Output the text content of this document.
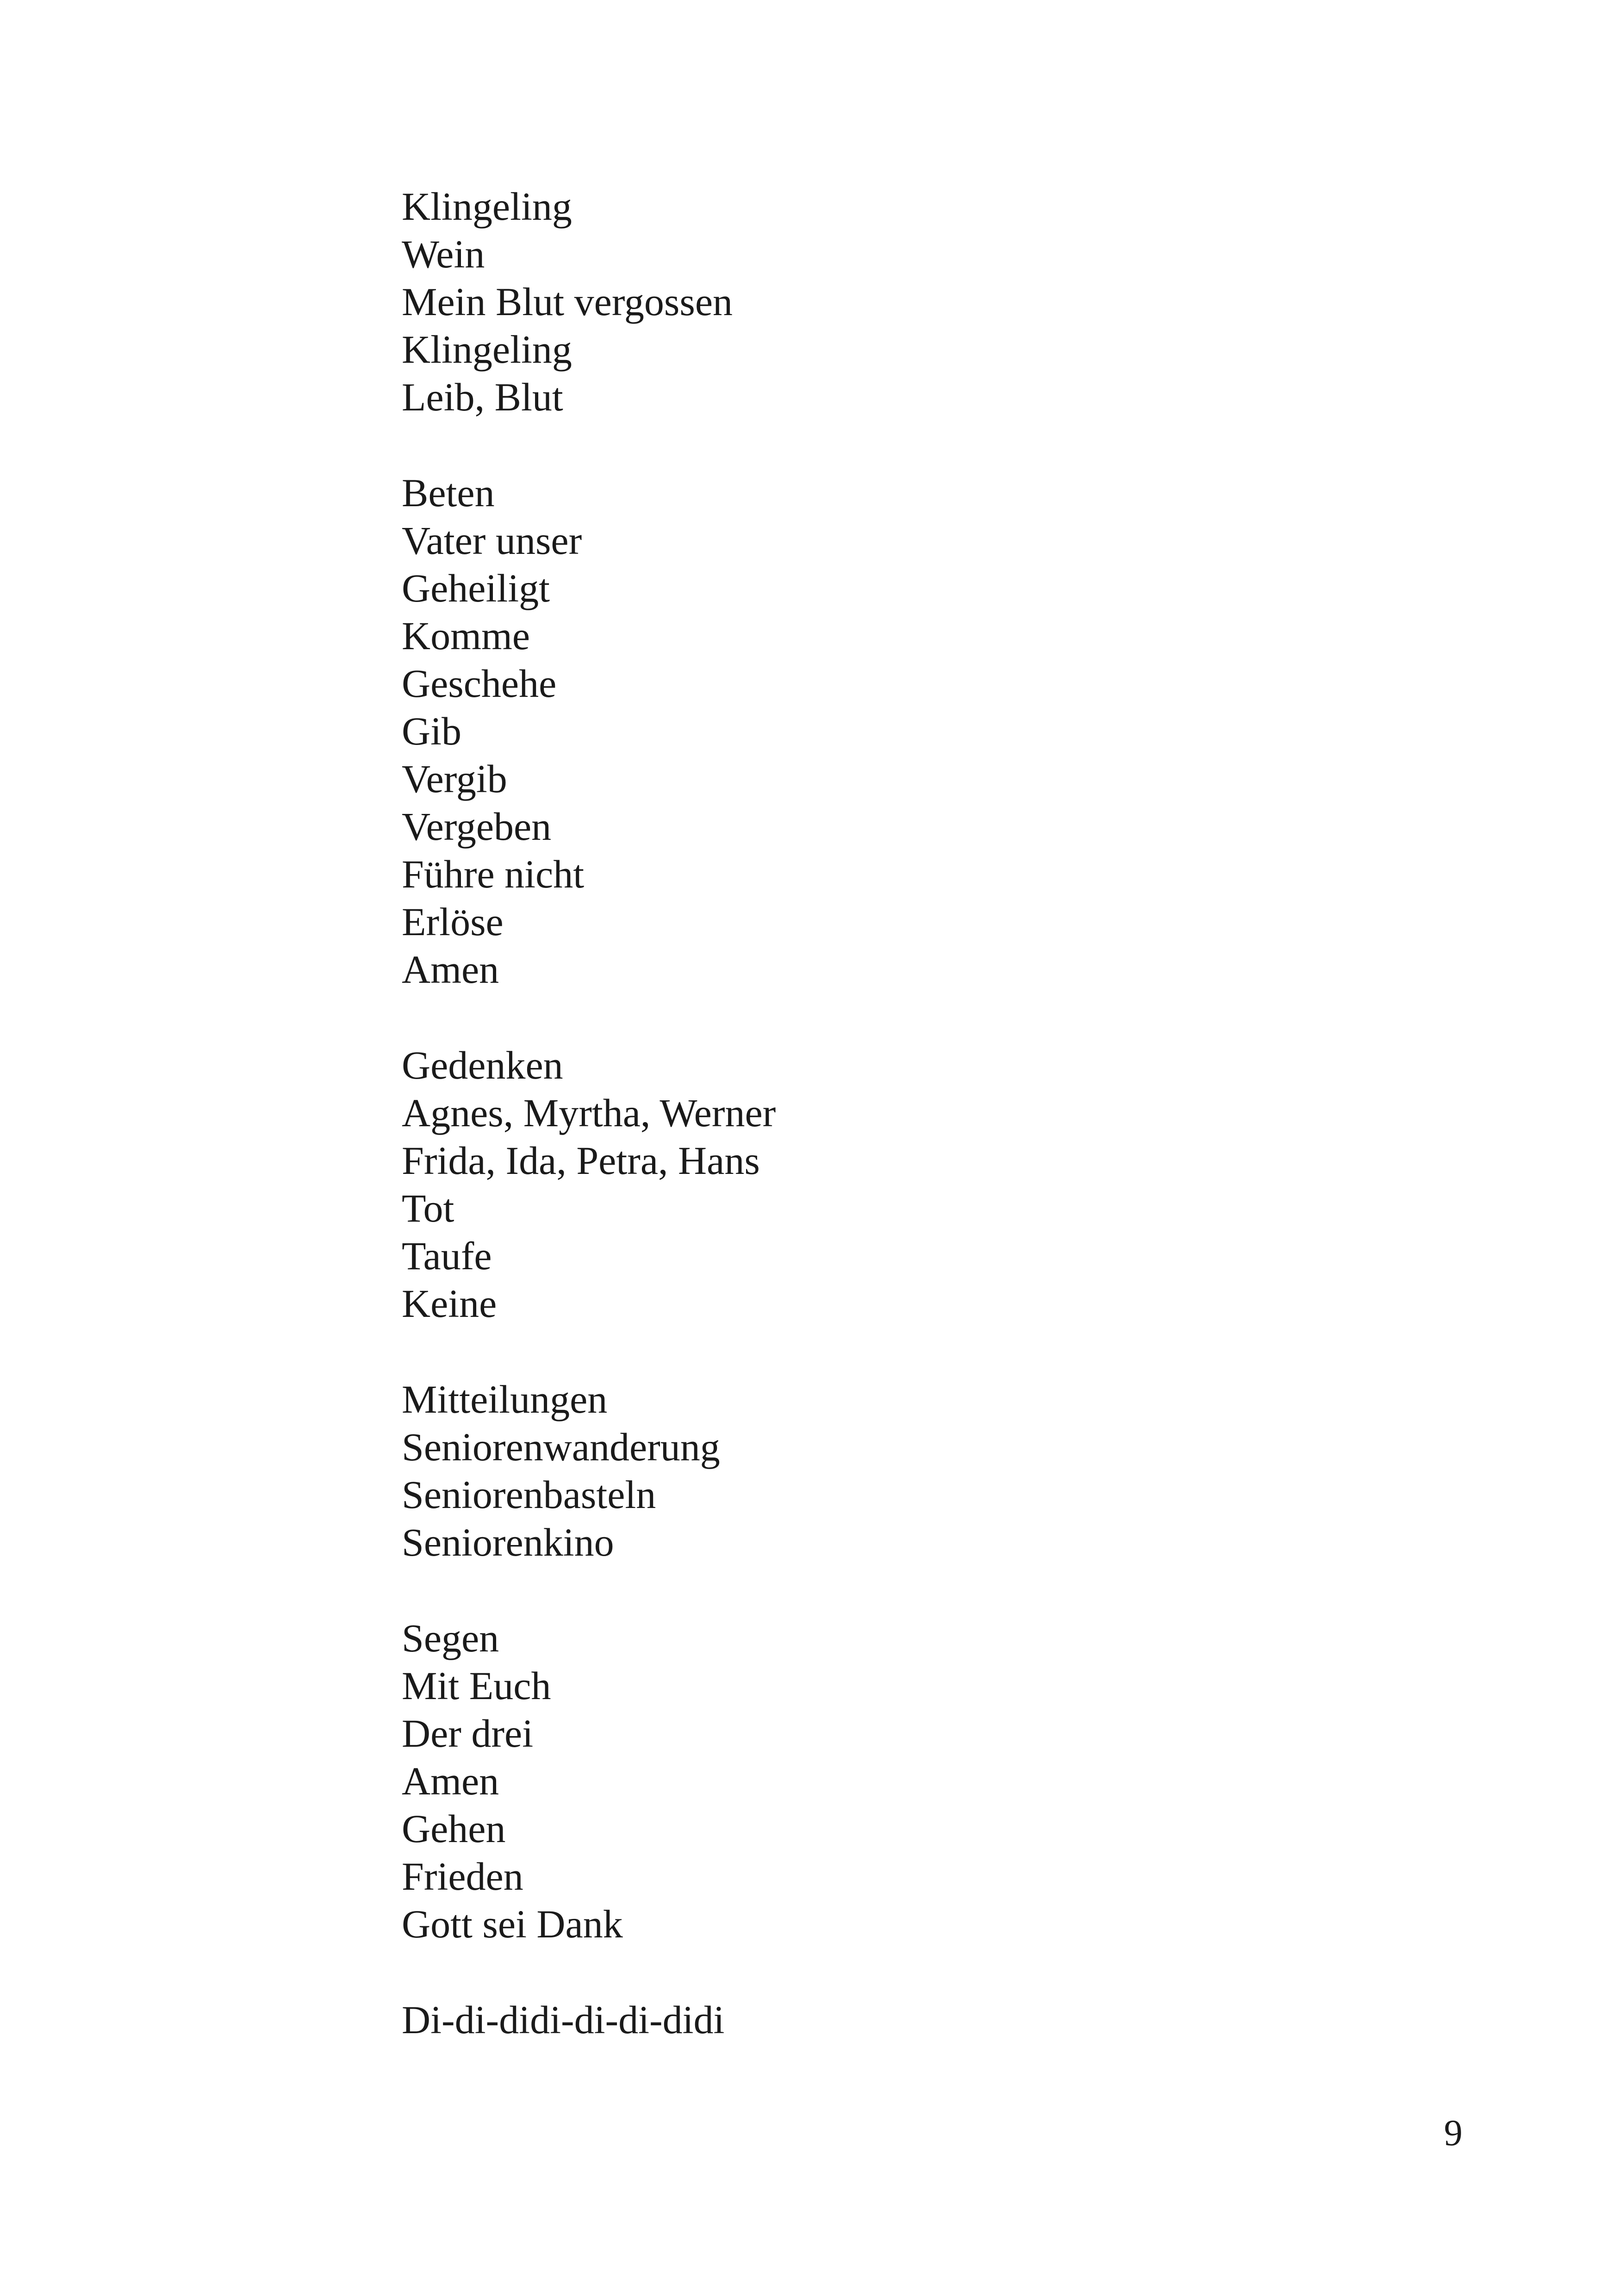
Klingeling
Wein
Mein Blut vergossen
Klingeling
Leib, Blut
Beten
Vater unser
Geheiligt
Komme
Geschehe
Gib
Vergib
Vergeben
Führe nicht
Erlöse
Amen
Gedenken
Agnes, Myrtha, Werner
Frida, Ida, Petra, Hans
Tot
Taufe
Keine
Mitteilungen
Seniorenwanderung
Seniorenbasteln
Seniorenkino
Segen
Mit Euch
Der drei
Amen
Gehen
Frieden
Gott sei Dank
Di-di-didi-di-di-didi
9
